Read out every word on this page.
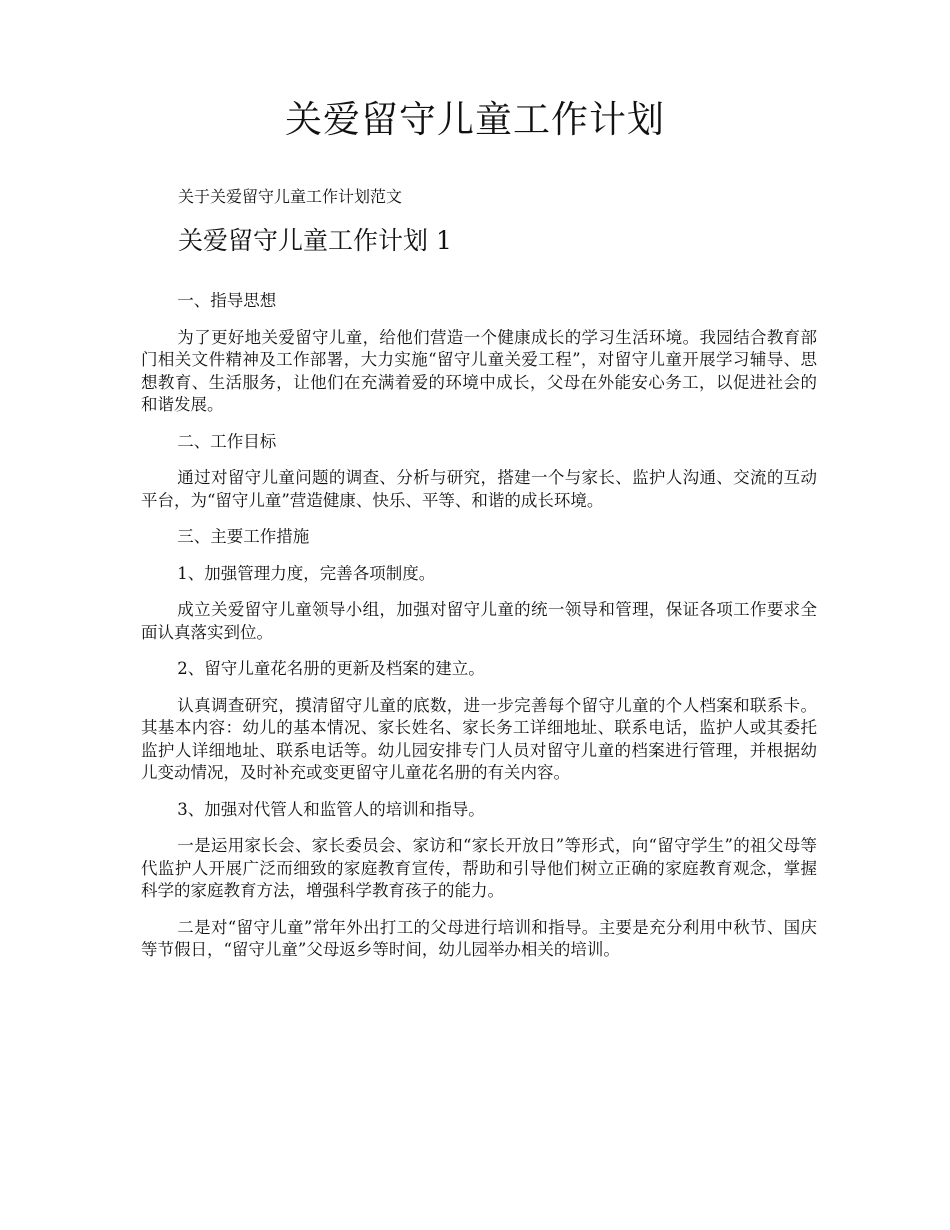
关爱留守儿童工作计划
关于关爱留守儿童工作计划范文
关爱留守儿童工作计划 1

一、指导思想

为了更好地关爱留守儿童，给他们营造一个健康成长的学习生活环境。我园结合教育部门相关文件精神及工作部署，大力实施“留守儿童关爱工程”，对留守儿童开展学习辅导、思想教育、生活服务，让他们在充满着爱的环境中成长，父母在外能安心务工，以促进社会的和谐发展。

二、工作目标

通过对留守儿童问题的调查、分析与研究，搭建一个与家长、监护人沟通、交流的互动平台，为“留守儿童”营造健康、快乐、平等、和谐的成长环境。

三、主要工作措施

1、加强管理力度，完善各项制度。

成立关爱留守儿童领导小组，加强对留守儿童的统一领导和管理，保证各项工作要求全面认真落实到位。

2、留守儿童花名册的更新及档案的建立。

认真调查研究，摸清留守儿童的底数，进一步完善每个留守儿童的个人档案和联系卡。其基本内容：幼儿的基本情况、家长姓名、家长务工详细地址、联系电话，监护人或其委托监护人详细地址、联系电话等。幼儿园安排专门人员对留守儿童的档案进行管理，并根据幼儿变动情况，及时补充或变更留守儿童花名册的有关内容。

3、加强对代管人和监管人的培训和指导。

一是运用家长会、家长委员会、家访和“家长开放日”等形式，向“留守学生”的祖父母等代监护人开展广泛而细致的家庭教育宣传，帮助和引导他们树立正确的家庭教育观念，掌握科学的家庭教育方法，增强科学教育孩子的能力。

二是对“留守儿童”常年外出打工的父母进行培训和指导。主要是充分利用中秋节、国庆等节假日，“留守儿童”父母返乡等时间，幼儿园举办相关的培训。
